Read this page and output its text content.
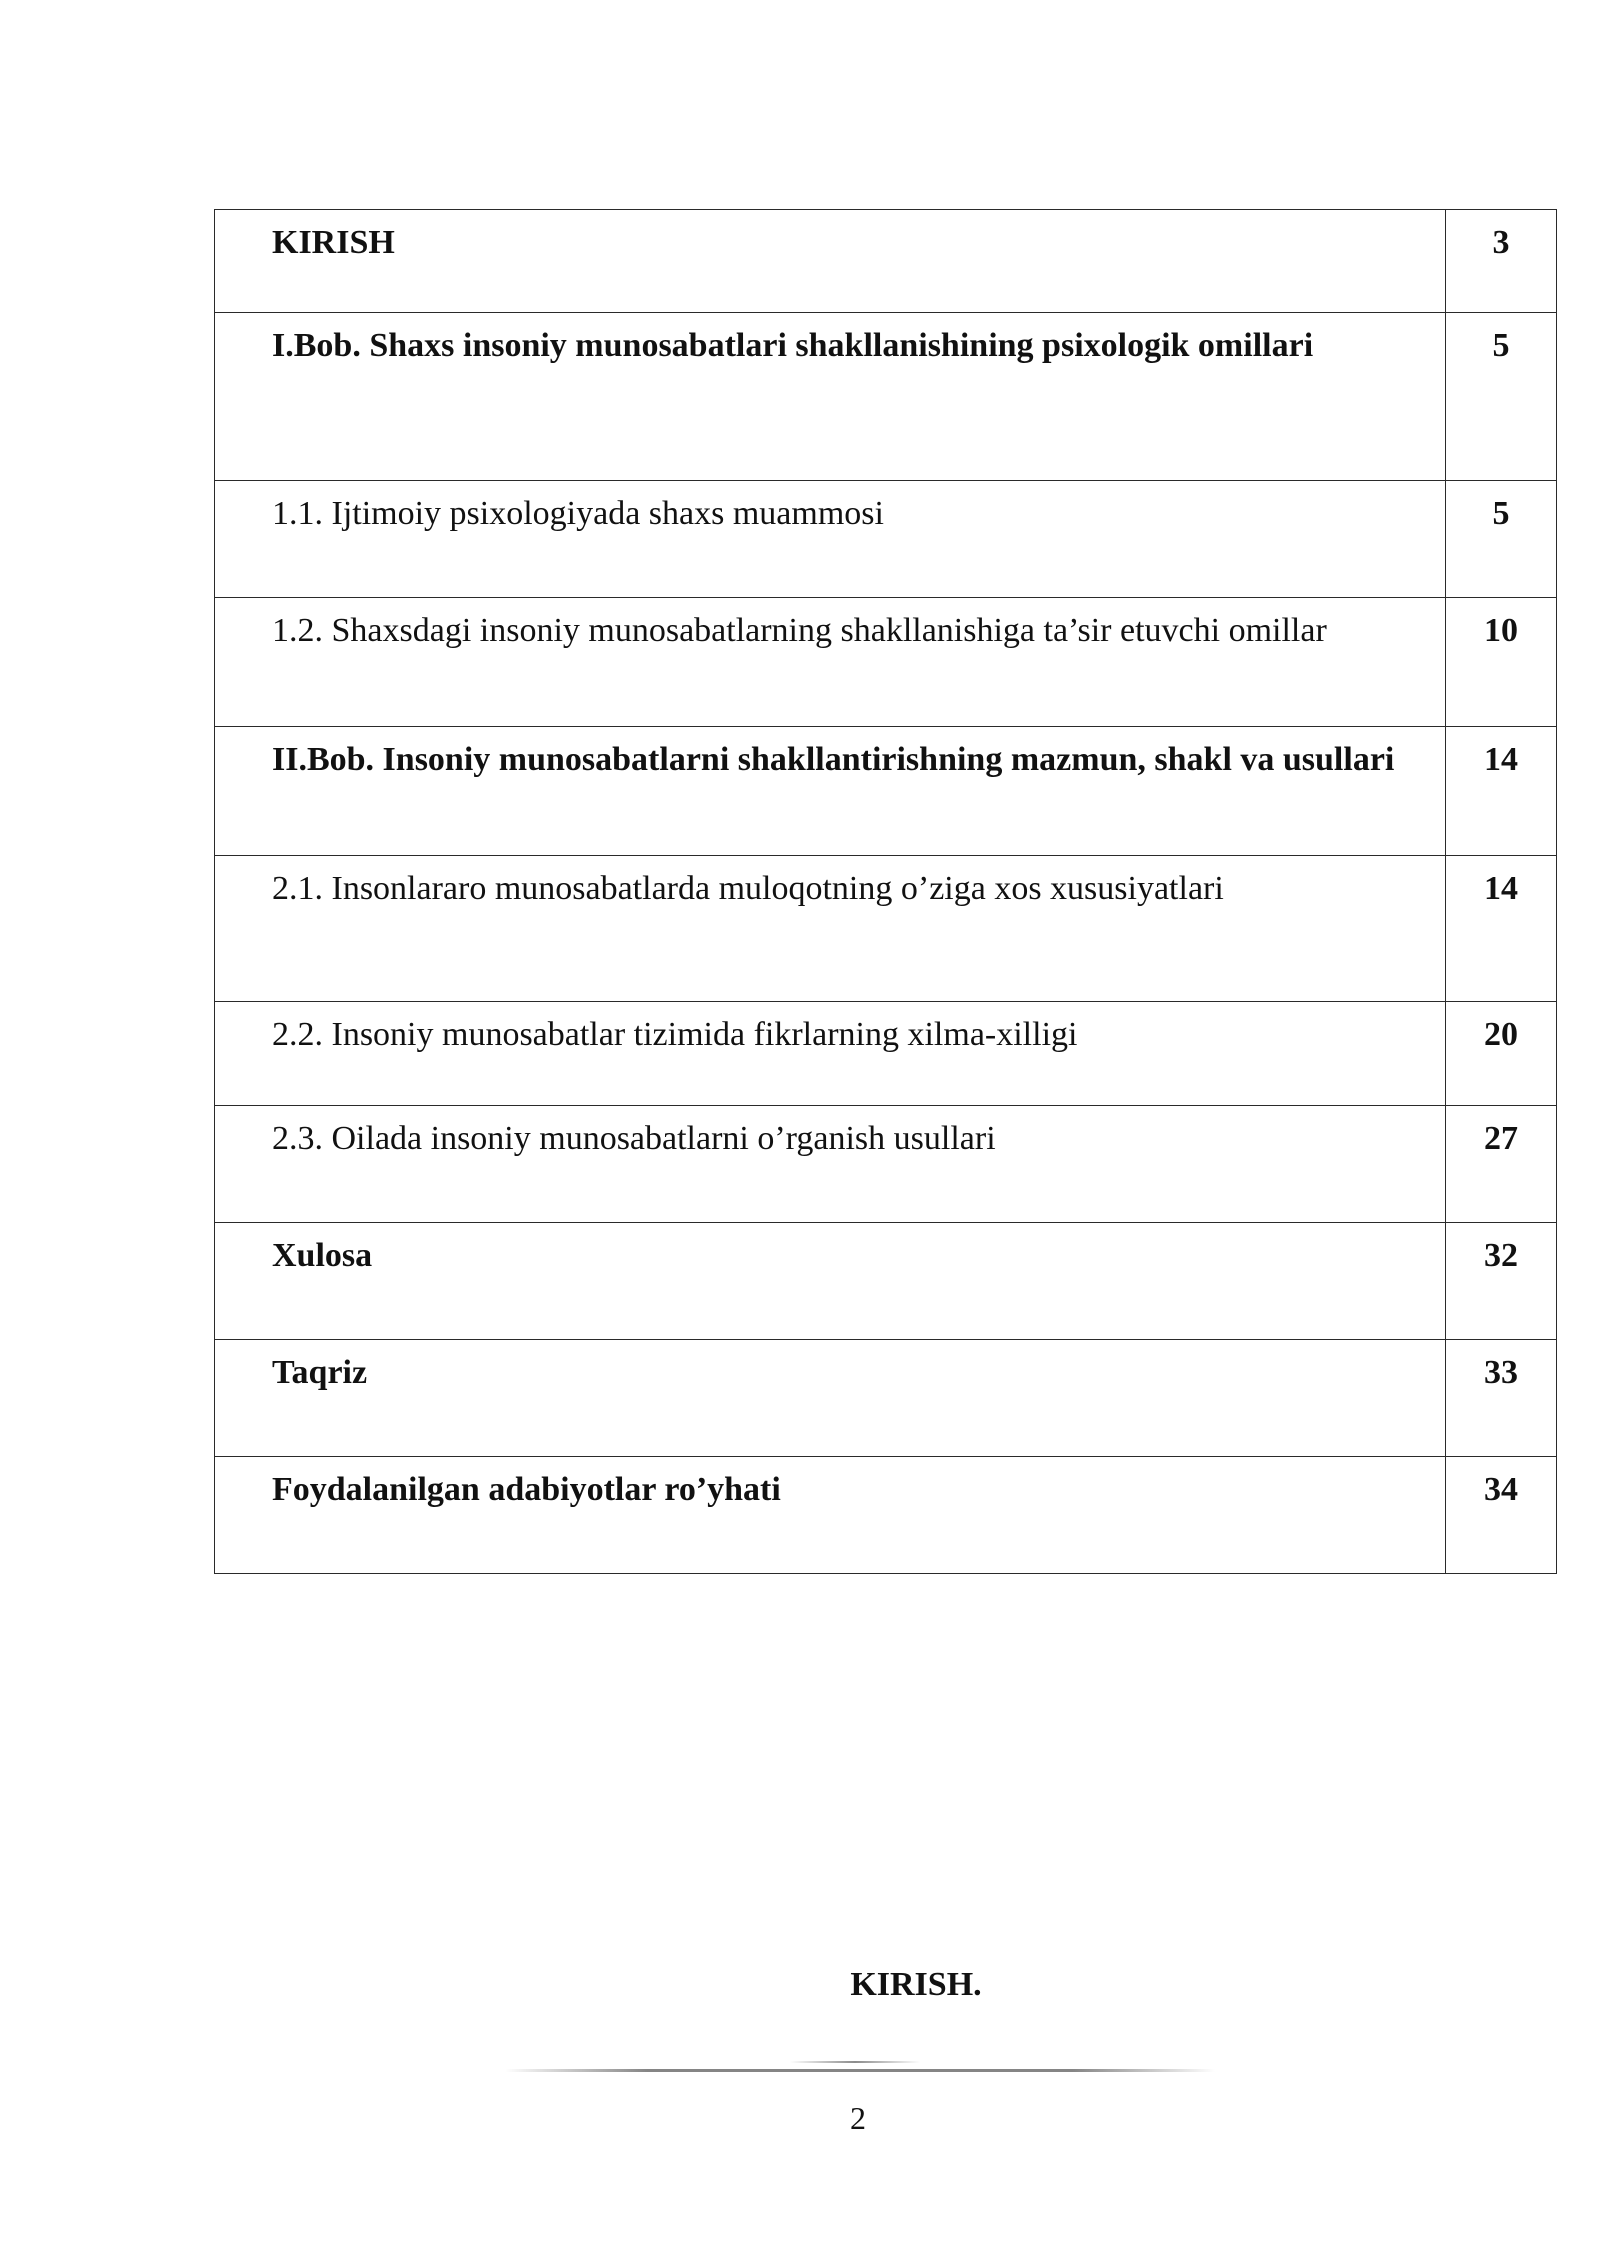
KIRISH	3
I.Bob. Shaxs insoniy munosabatlari shakllanishining psixologik omillari	5
1.1. Ijtimoiy psixologiyada shaxs muammosi	5
1.2. Shaxsdagi insoniy munosabatlarning shakllanishiga ta’sir etuvchi omillar	10
II.Bob. Insoniy munosabatlarni shakllantirishning mazmun, shakl va usullari	14
2.1. Insonlararo munosabatlarda muloqotning o’ziga xos xususiyatlari	14
2.2. Insoniy munosabatlar tizimida fikrlarning xilma-xilligi	20
2.3. Oilada insoniy munosabatlarni o’rganish usullari	27
Xulosa	32
Taqriz	33
Foydalanilgan adabiyotlar ro’yhati	34
KIRISH.
2
